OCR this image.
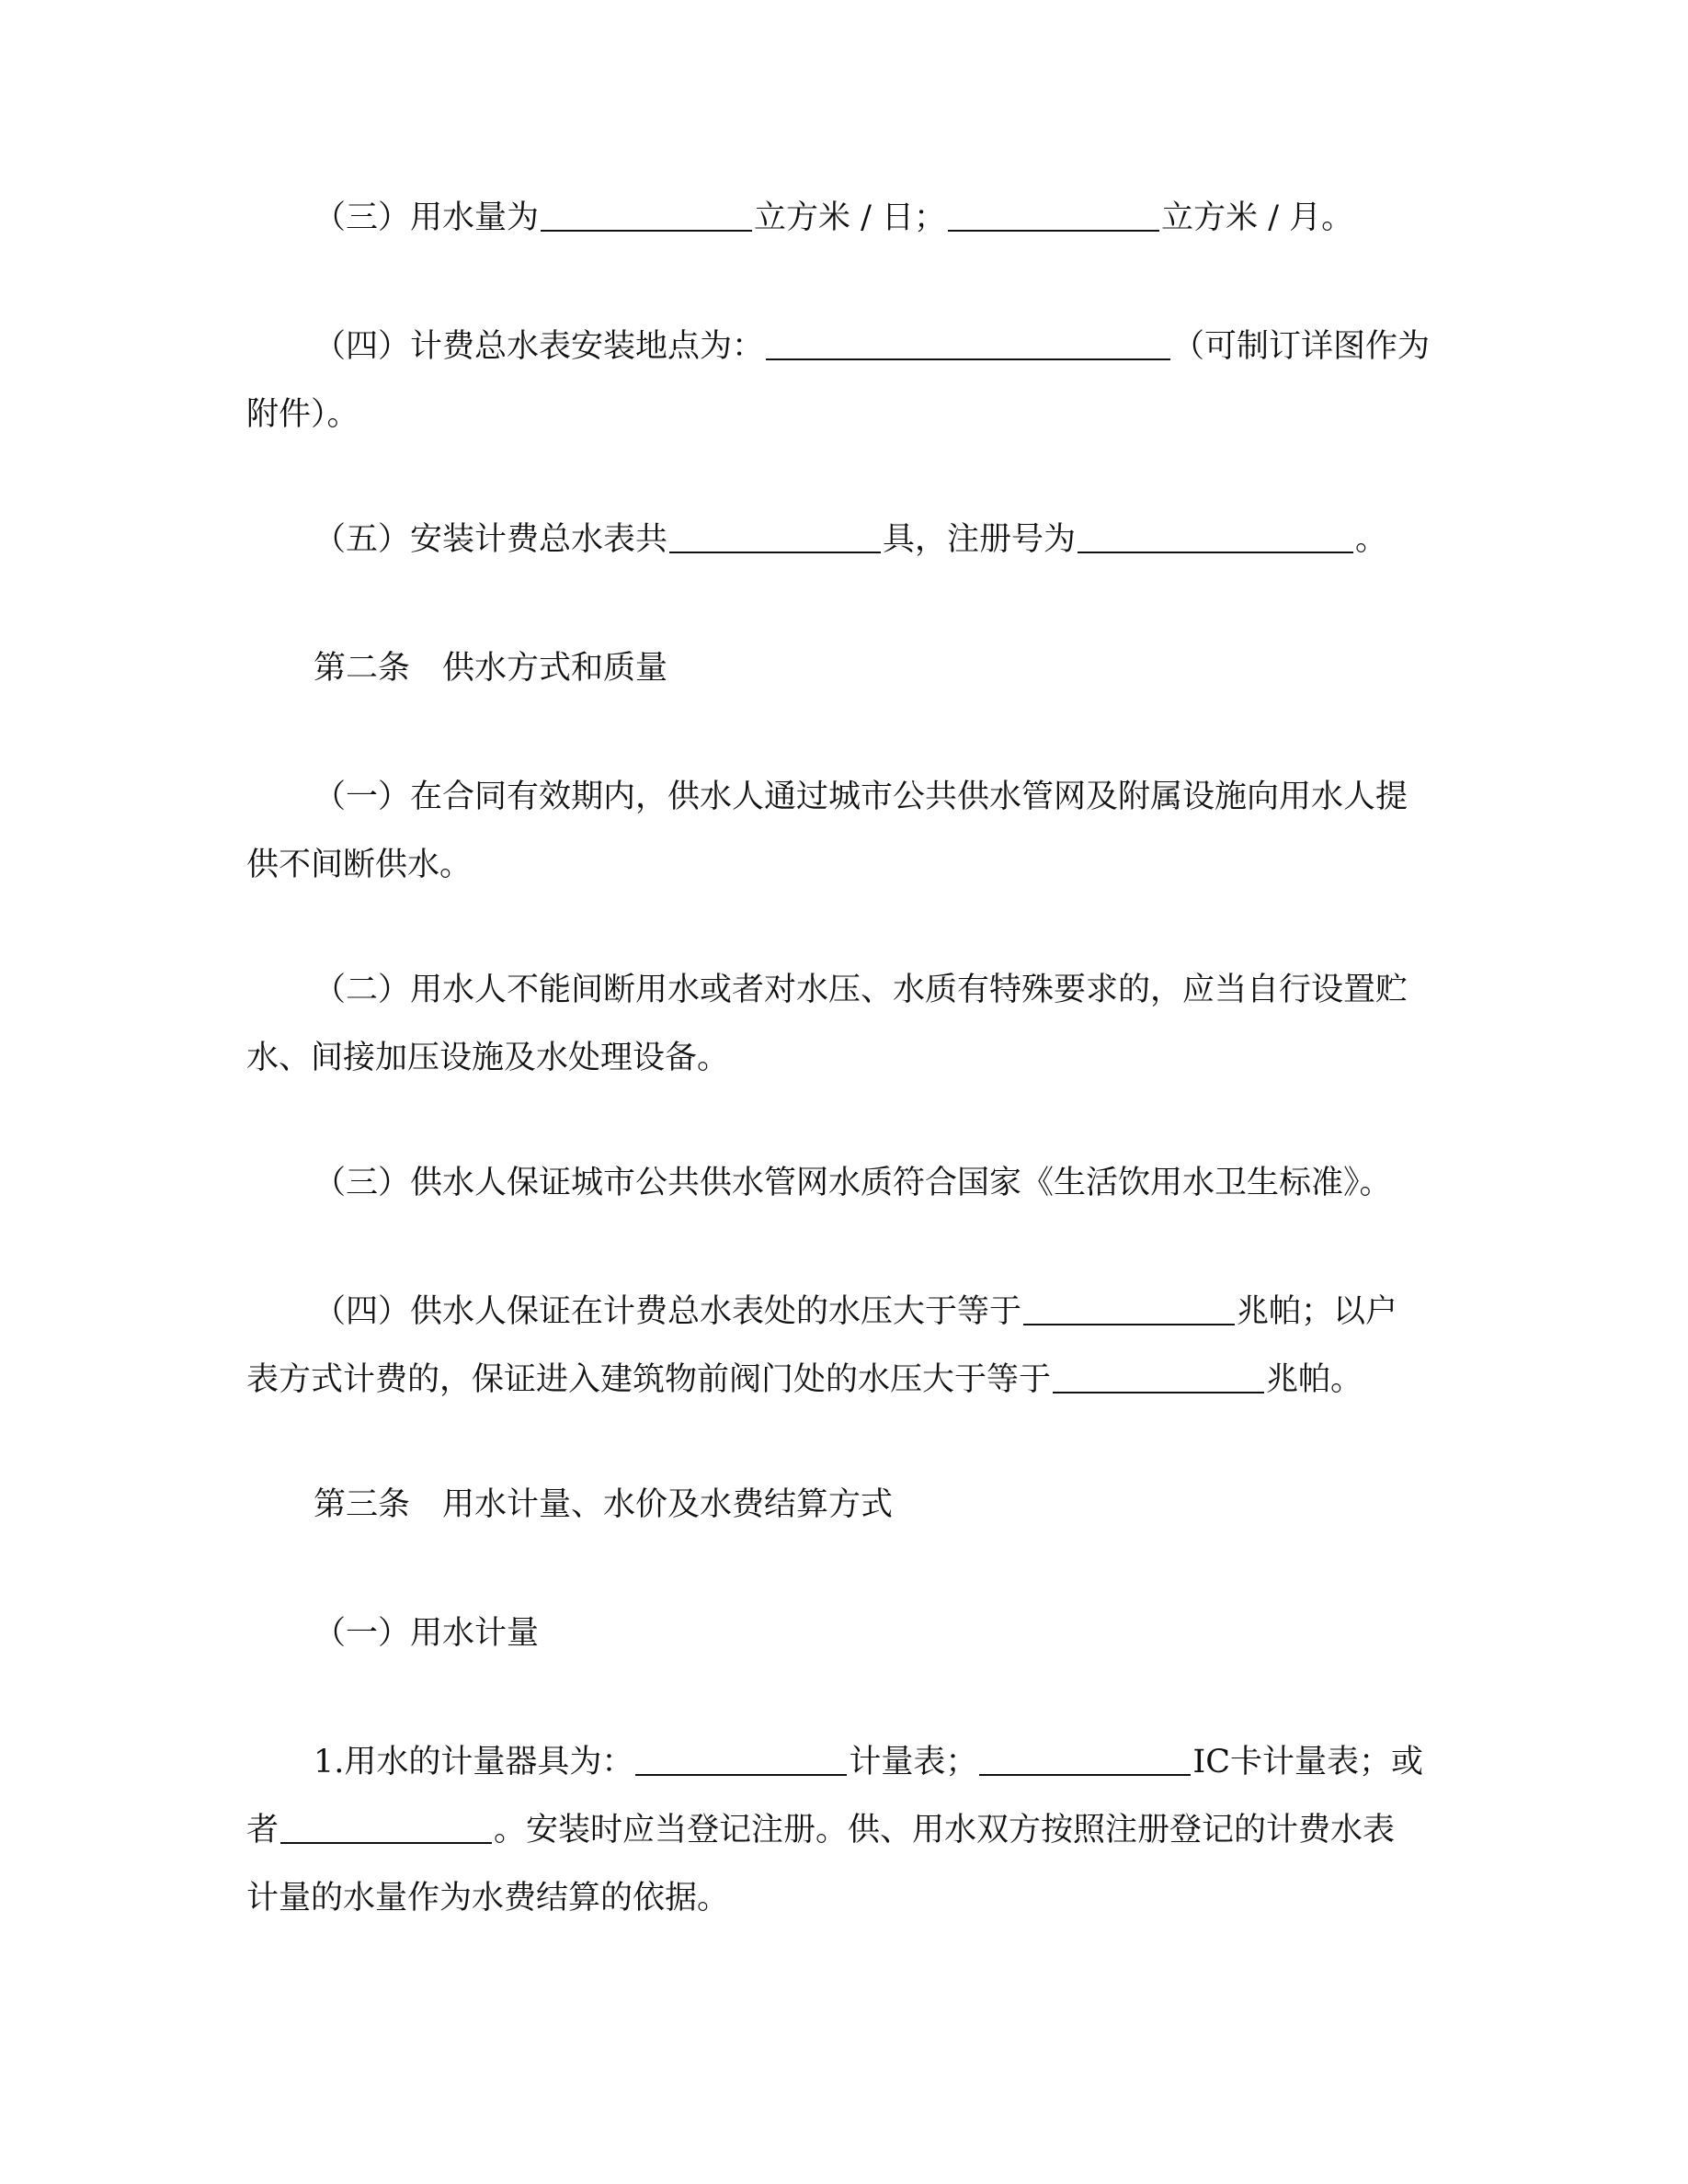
（三）用水量为	立方米 / 日；	立方米 / 月。
（四）计费总水表安装地点为：	（可制订详图作为
附件）。
（五）安装计费总水表共	具，注册号为	。
第二条　供水方式和质量
（一）在合同有效期内，供水人通过城市公共供水管网及附属设施向用水人提
供不间断供水。
（二）用水人不能间断用水或者对水压、水质有特殊要求的，应当自行设置贮
水、间接加压设施及水处理设备。
（三）供水人保证城市公共供水管网水质符合国家《生活饮用水卫生标准》。
（四）供水人保证在计费总水表处的水压大于等于	兆帕；以户
表方式计费的，保证进入建筑物前阀门处的水压大于等于	兆帕。
第三条　用水计量、水价及水费结算方式
（一）用水计量
1.用水的计量器具为：	计量表；	IC卡计量表；或
者	。安装时应当登记注册。供、用水双方按照注册登记的计费水表
计量的水量作为水费结算的依据。
